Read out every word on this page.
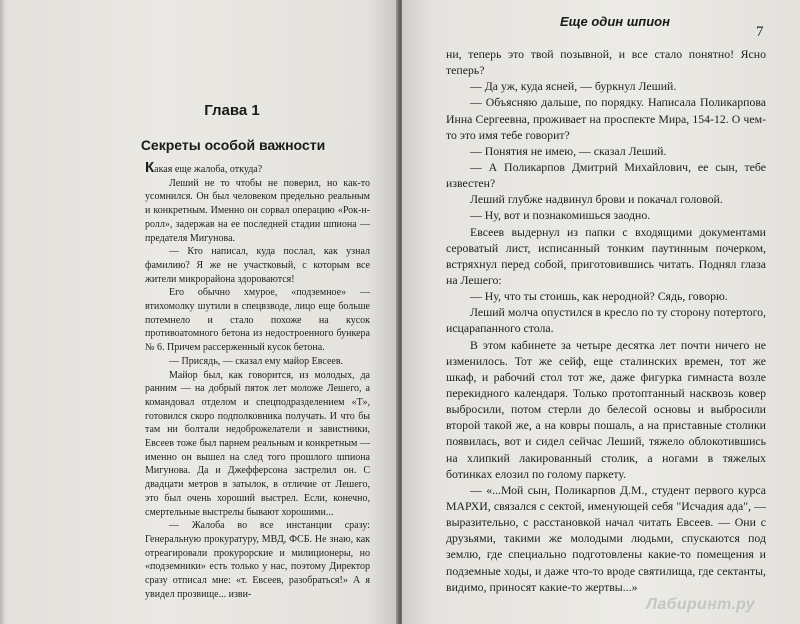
Глава 1
Секреты особой важности

Какая еще жалоба, откуда?

Леший не то чтобы не поверил, но как-то усомнился. Он был человеком предельно реальным и конкретным. Именно он сорвал операцию «Рок-н-ролл», задержав на ее последней стадии шпиона — предателя Мигунова.

— Кто написал, куда послал, как узнал фамилию? Я же не участковый, с которым все жители микрорайона здороваются!

Его обычно хмурое, «подземное» — втихомолку шутили в спецвзводе, лицо еще больше потемнело и стало похоже на кусок противоатомного бетона из недостроенного бункера № 6. Причем рассерженный кусок бетона.

— Присядь, — сказал ему майор Евсеев.

Майор был, как говорится, из молодых, да ранним — на добрый пяток лет моложе Лешего, а командовал отделом и спецподразделением «Т», готовился скоро подполковника получать. И что бы там ни болтали недоброжелатели и завистники, Евсеев тоже был парнем реальным и конкретным — именно он вышел на след того прошлого шпиона Мигунова. Да и Джефферсона застрелил он. С двадцати метров в затылок, в отличие от Лешего, это был очень хороший выстрел. Если, конечно, смертельные выстрелы бывают хорошими...

— Жалоба во все инстанции сразу: Генеральную прокуратуру, МВД, ФСБ. Не знаю, как отреагировали прокурорские и милиционеры, но «подземники» есть только у нас, поэтому Директор сразу отписал мне: «т. Евсеев, разобраться!» А я увидел прозвище... изви-

Еще один шпион
7

ни, теперь это твой позывной, и все стало понятно! Ясно теперь?

— Да уж, куда ясней, — буркнул Леший.

— Объясняю дальше, по порядку. Написала Поликарпова Инна Сергеевна, проживает на проспекте Мира, 154-12. О чем-то это имя тебе говорит?

— Понятия не имею, — сказал Леший.

— А Поликарпов Дмитрий Михайлович, ее сын, тебе известен?

Леший глубже надвинул брови и покачал головой.

— Ну, вот и познакомишься заодно.

Евсеев выдернул из папки с входящими документами сероватый лист, исписанный тонким паутинным почерком, встряхнул перед собой, приготовившись читать. Поднял глаза на Лешего:

— Ну, что ты стоишь, как неродной? Сядь, говорю.

Леший молча опустился в кресло по ту сторону потертого, исцарапанного стола.

В этом кабинете за четыре десятка лет почти ничего не изменилось. Тот же сейф, еще сталинских времен, тот же шкаф, и рабочий стол тот же, даже фигурка гимнаста возле перекидного календаря. Только протоптанный насквозь ковер выбросили, потом стерли до белесой основы и выбросили второй такой же, а на ковры пошаль, а на приставные столики появилась, вот и сидел сейчас Леший, тяжело облокотившись на хлипкий лакированный столик, а ногами в тяжелых ботинках елозил по голому паркету.

— «...Мой сын, Поликарпов Д.М., студент первого курса МАРХИ, связался с сектой, именующей себя "Исчадия ада", — выразительно, с расстановкой начал читать Евсеев. — Они с друзьями, такими же молодыми людьми, спускаются под землю, где специально подготовлены какие-то помещения и подземные ходы, и даже что-то вроде святилища, где сектанты, видимо, приносят какие-то жертвы...»

Лабиринт.ру
